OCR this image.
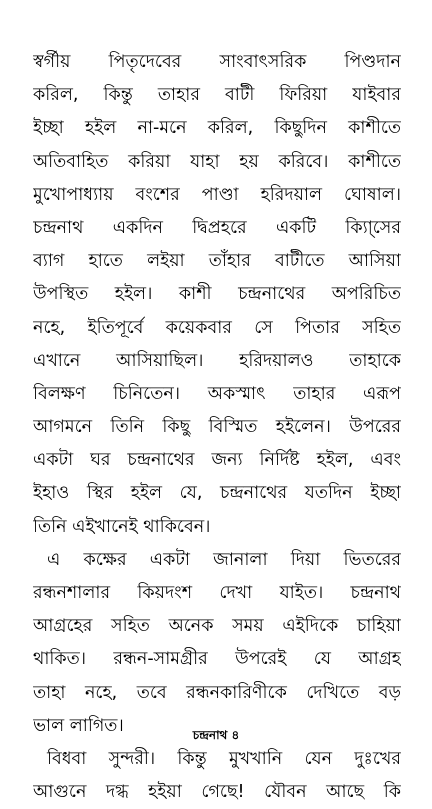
স্বর্গীয় পিতৃদেবের সাংবাৎসরিক পিণ্ডদান
করিল, কিন্তু তাহার বাটী ফিরিয়া যাইবার
ইচ্ছা হইল না-মনে করিল, কিছুদিন কাশীতে
অতিবাহিত করিয়া যাহা হয় করিবে। কাশীতে
মুখোপাধ্যায় বংশের পাণ্ডা হরিদয়াল ঘোষাল।
চন্দ্রনাথ একদিন দ্বিপ্রহরে একটি ক্যা্িসের
ব্যাগ হাতে লইয়া তাঁহার বাটীতে আসিয়া
উপস্থিত হইল। কাশী চন্দ্রনাথের অপরিচিত
নহে, ইতিপূর্বে কয়েকবার সে পিতার সহিত
এখানে আসিয়াছিল। হরিদয়ালও তাহাকে
বিলক্ষণ চিনিতেন। অকস্মাৎ তাহার এরূপ
আগমনে তিনি কিছু বিস্মিত হইলেন। উপরের
একটা ঘর চন্দ্রনাথের জন্য নির্দিষ্ট হইল, এবং
ইহাও স্থির হইল যে, চন্দ্রনাথের যতদিন ইচ্ছা
তিনি এইখানেই থাকিবেন।
এ কক্ষের একটা জানালা দিয়া ভিতরের
রন্ধনশালার কিয়দংশ দেখা যাইত। চন্দ্রনাথ
আগ্রহের সহিত অনেক সময় এইদিকে চাহিয়া
থাকিত। রন্ধন-সামগ্রীর উপরেই যে আগ্রহ
তাহা নহে, তবে রন্ধনকারিণীকে দেখিতে বড়
ভাল লাগিত।
বিধবা সুন্দরী। কিন্তু মুখখানি যেন দুঃখের
আগুনে দগ্ধ হইয়া গেছে! যৌবন আছে কি
চন্দ্রনাথ ৪
